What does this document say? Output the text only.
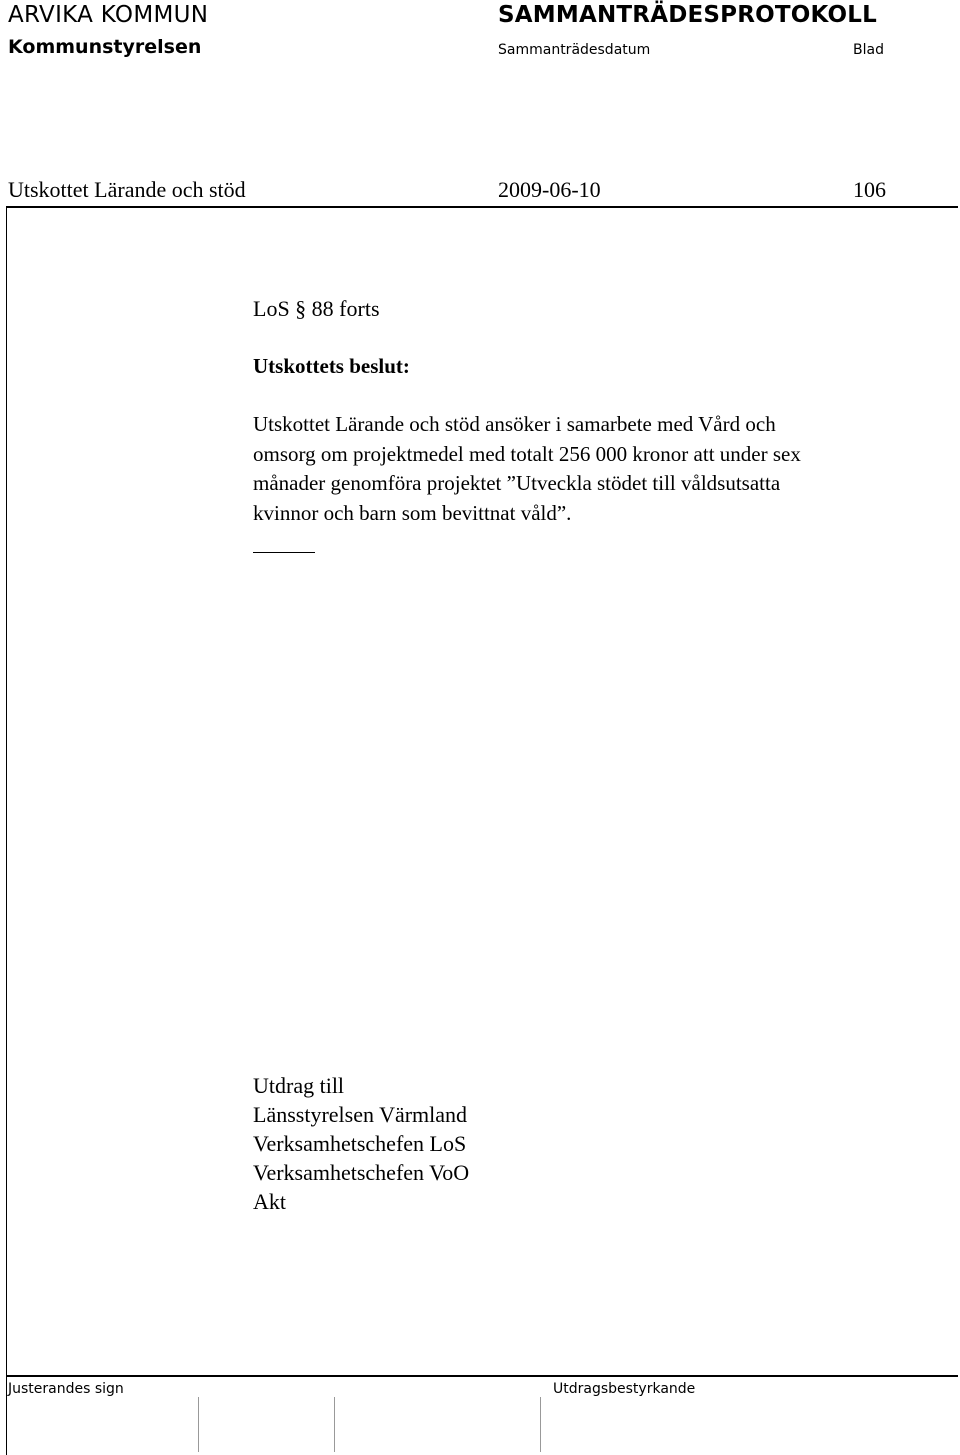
ARVIKA KOMMUN
Kommunstyrelsen
SAMMANTRÄDESPROTOKOLL
Sammanträdesdatum	Blad
Utskottet Lärande och stöd	2009-06-10	106
LoS § 88 forts
Utskottets beslut:
Utskottet Lärande och stöd ansöker i samarbete med Vård och
omsorg om projektmedel med totalt 256 000 kronor att under sex
månader genomföra projektet ”Utveckla stödet till våldsutsatta
kvinnor och barn som bevittnat våld”.
Utdrag till
Länsstyrelsen Värmland
Verksamhetschefen LoS
Verksamhetschefen VoO
Akt
Justerandes sign	Utdragsbestyrkande
